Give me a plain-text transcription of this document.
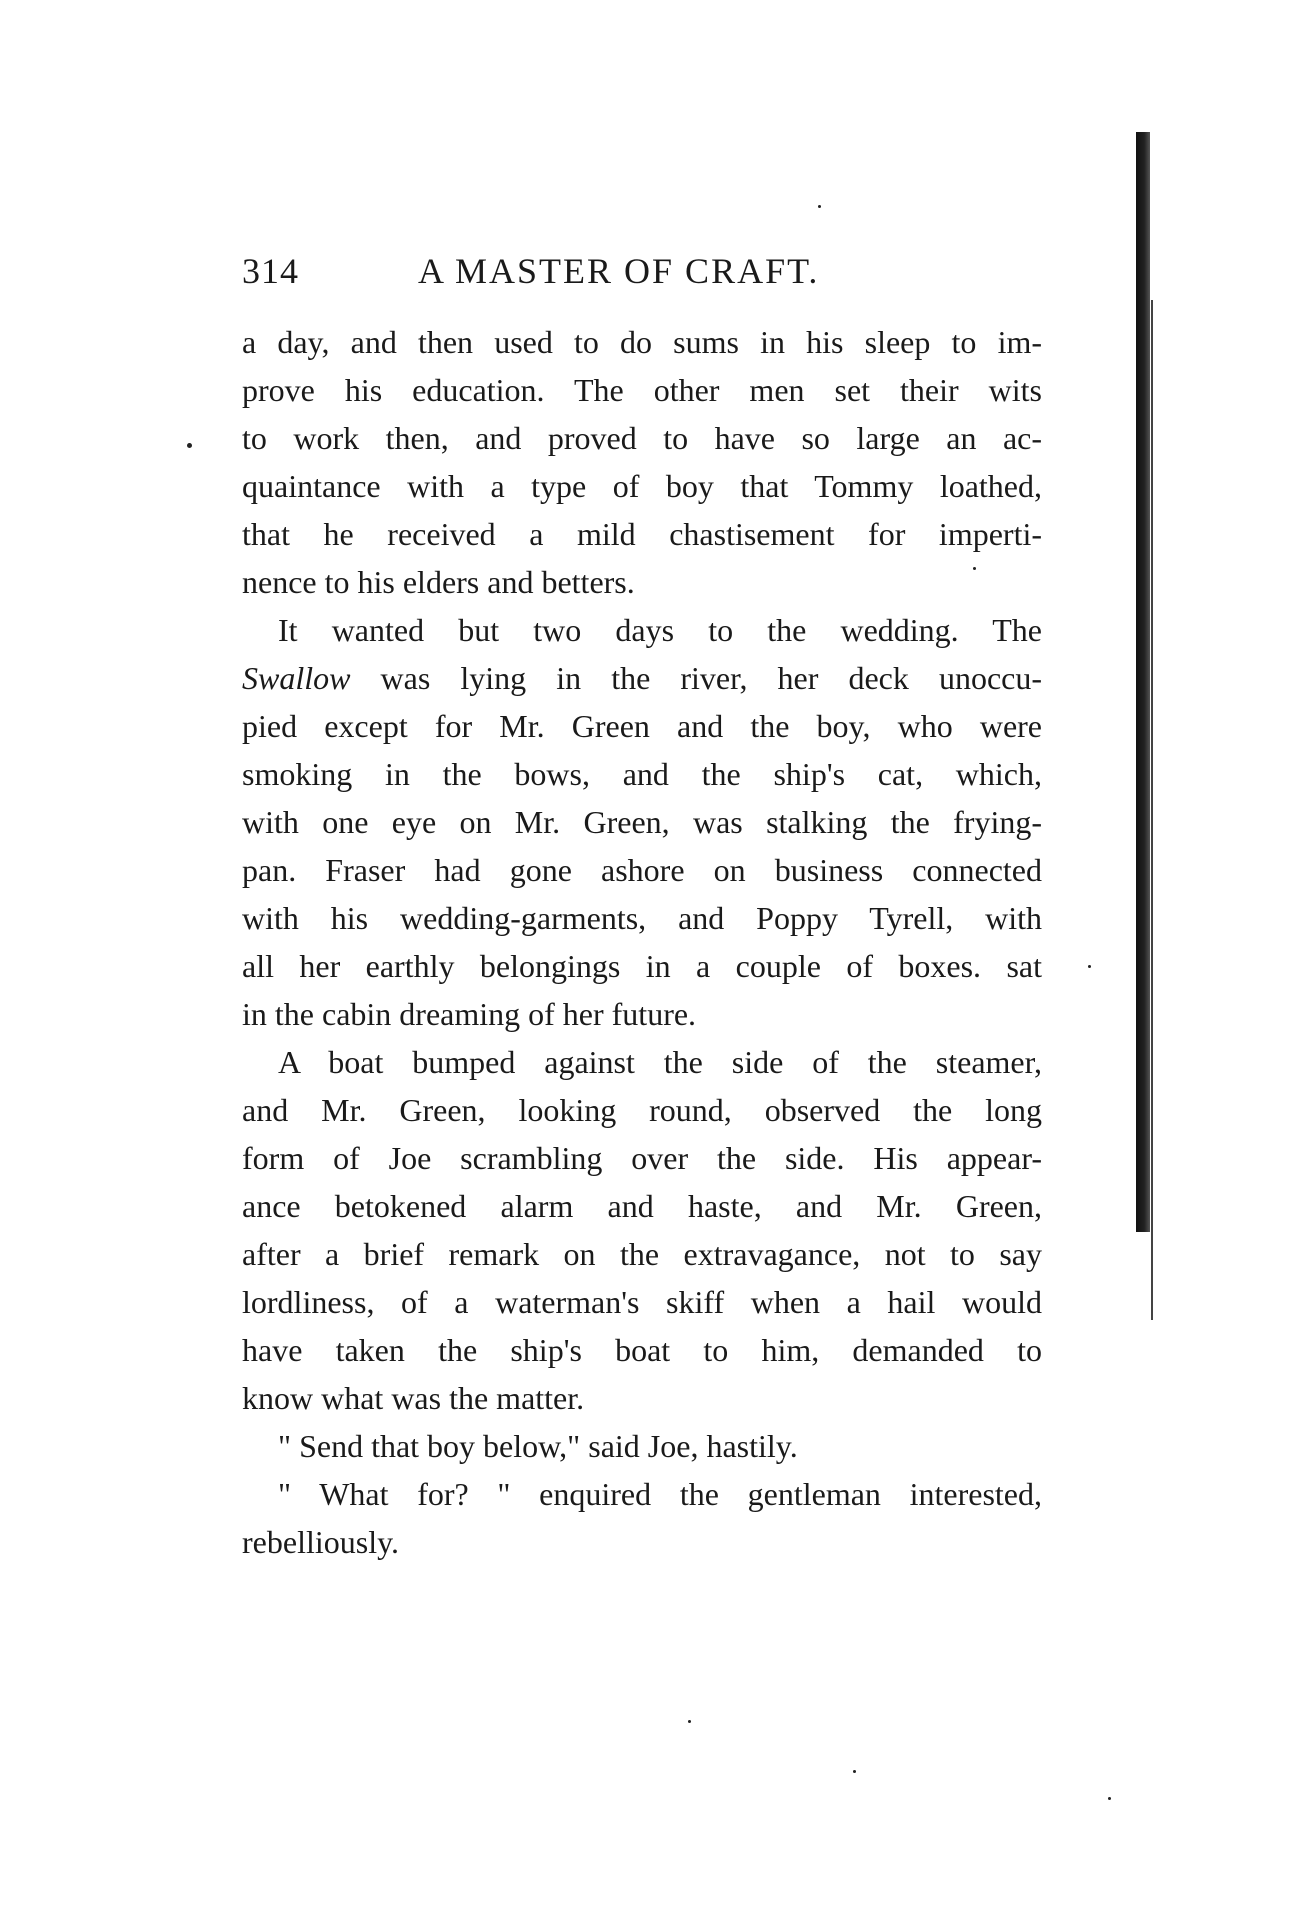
314	A MASTER OF CRAFT.
a day, and then used to do sums in his sleep to im-
prove his education. The other men set their wits
to work then, and proved to have so large an ac-
quaintance with a type of boy that Tommy loathed,
that he received a mild chastisement for imperti-
nence to his elders and betters.
It wanted but two days to the wedding. The
Swallow was lying in the river, her deck unoccu-
pied except for Mr. Green and the boy, who were
smoking in the bows, and the ship's cat, which,
with one eye on Mr. Green, was stalking the frying-
pan. Fraser had gone ashore on business connected
with his wedding-garments, and Poppy Tyrell, with
all her earthly belongings in a couple of boxes. sat
in the cabin dreaming of her future.
A boat bumped against the side of the steamer,
and Mr. Green, looking round, observed the long
form of Joe scrambling over the side. His appear-
ance betokened alarm and haste, and Mr. Green,
after a brief remark on the extravagance, not to say
lordliness, of a waterman's skiff when a hail would
have taken the ship's boat to him, demanded to
know what was the matter.
" Send that boy below," said Joe, hastily.
" What for? " enquired the gentleman interested,
rebelliously.
